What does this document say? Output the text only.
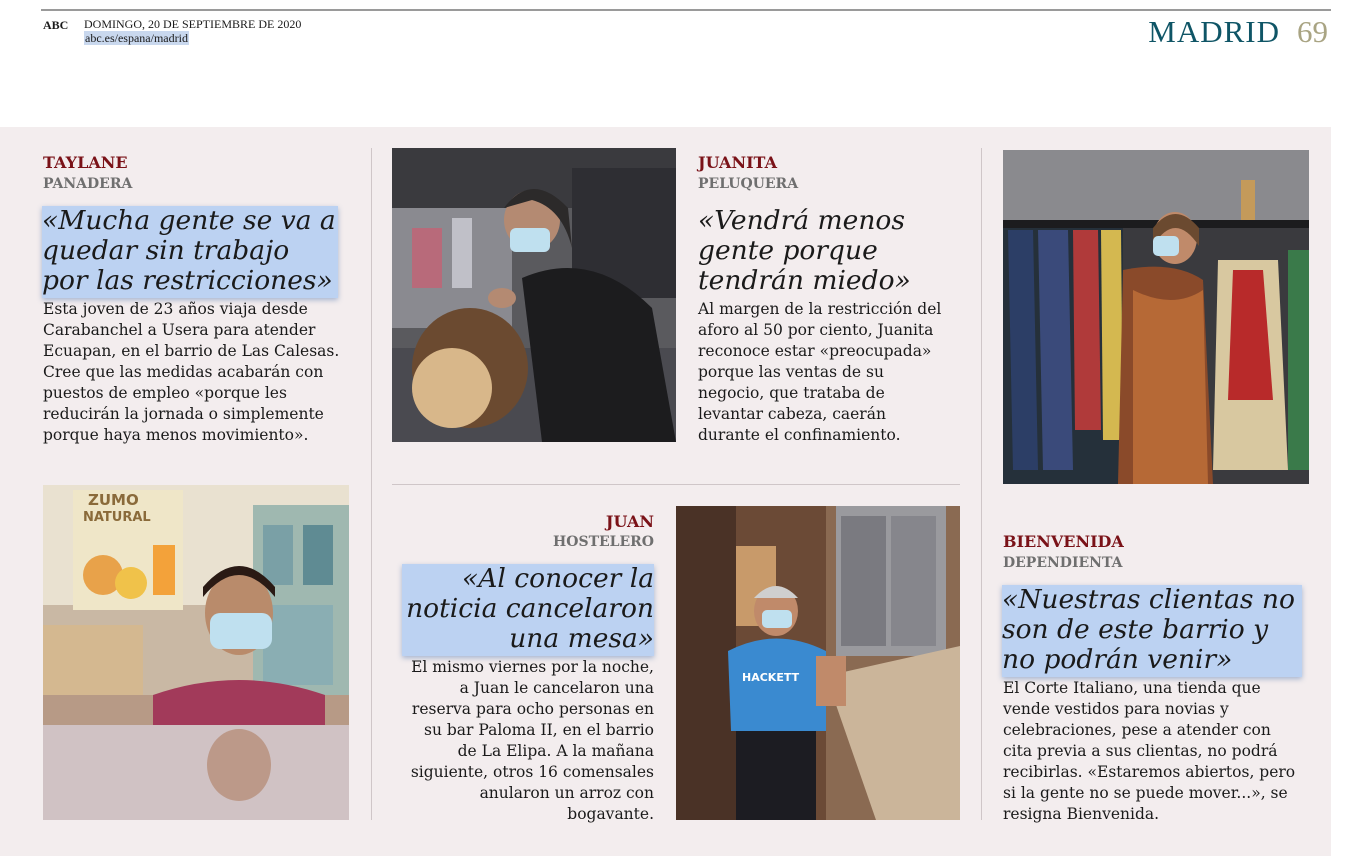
ABC DOMINGO, 20 DE SEPTIEMBRE DE 2020
abc.es/espana/madrid	MADRID 69
TAYLANE
PANADERA
«Mucha gente se va a
quedar sin trabajo
por las restricciones»
Esta joven de 23 años viaja desde
Carabanchel a Usera para atender
Ecuapan, en el barrio de Las Calesas.
Cree que las medidas acabarán con
puestos de empleo «porque les
reducirán la jornada o simplemente
porque haya menos movimiento».
ZUMO
NATURAL
JUANITA
PELUQUERA
«Vendrá menos
gente porque
tendrán miedo»
Al margen de la restricción del
aforo al 50 por ciento, Juanita
reconoce estar «preocupada»
porque las ventas de su
negocio, que trataba de
levantar cabeza, caerán
durante el confinamiento.
JUAN
HOSTELERO
«Al conocer la
noticia cancelaron
una mesa»
El mismo viernes por la noche,
a Juan le cancelaron una
reserva para ocho personas en
su bar Paloma II, en el barrio
de La Elipa. A la mañana
siguiente, otros 16 comensales
anularon un arroz con
bogavante.
HACKETT
BIENVENIDA
DEPENDIENTA
«Nuestras clientas no
son de este barrio y
no podrán venir»
El Corte Italiano, una tienda que
vende vestidos para novias y
celebraciones, pese a atender con
cita previa a sus clientas, no podrá
recibirlas. «Estaremos abiertos, pero
si la gente no se puede mover...», se
resigna Bienvenida.
